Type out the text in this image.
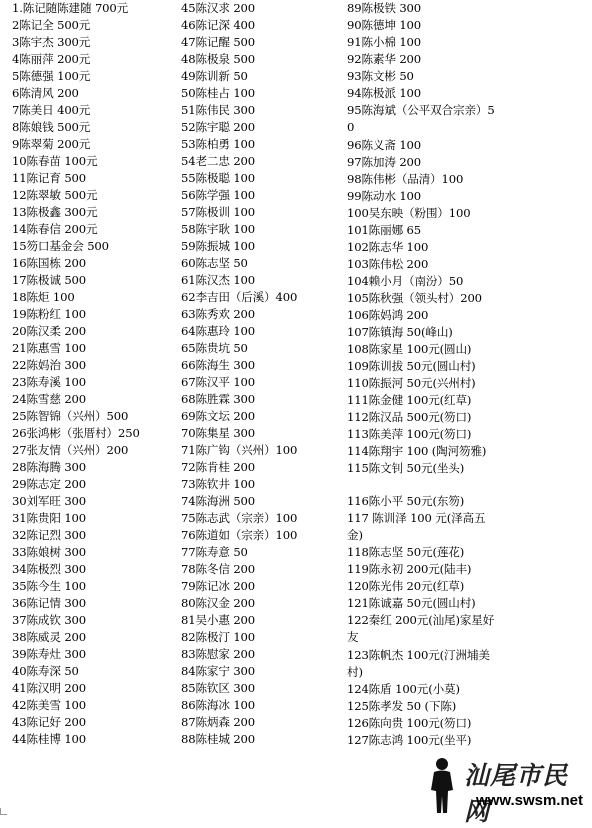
1.陈记随陈建随 700元
2陈记全 500元
3陈宇杰 300元
4陈丽萍 200元
5陈德强 100元
6陈清风 200
7陈美日 400元
8陈娘钱 500元
9陈翠菊 200元
10陈春苗 100元
11陈记育 500
12陈翠敏 500元
13陈极鑫 300元
14陈春信 200元
15笏口基金会 500
16陈国栋 200
17陈极诚 500
18陈炬 100
19陈粉红 100
20陈汉柔 200
21陈惠雪 100
22陈妈治 300
23陈寿溪 100
24陈雪慈 200
25陈智锦（兴州）500
26张鸿彬（张厝村）250
27张友情（兴州）200
28陈海腾 300
29陈志定 200
30刘军旺 300
31陈贵阳 100
32陈记烈 300
33陈娘树 300
34陈极烈 300
35陈今生 100
36陈记情 300
37陈成钦 300
38陈威灵 200
39陈寿灶 300
40陈寿深 50
41陈汉明 200
42陈美雪 100
43陈记好 200
44陈桂博 100
45陈汉求 200
46陈记深 400
47陈记醒 500
48陈极泉 500
49陈训新 50
50陈桂占 100
51陈伟民 300
52陈宇聪 200
53陈柏勇 100
54老二忠 200
55陈极聪 100
56陈学强 100
57陈极训 100
58陈宇耿 100
59陈振城 100
60陈志坚 50
61陈汉杰 100
62李吉田（后溪）400
63陈秀欢 200
64陈惠玲 100
65陈贵坑 50
66陈海生 300
67陈汉平 100
68陈胜霖 300
69陈文坛 200
70陈集星 300
71陈广钩（兴州）100
72陈肯桂 200
73陈钦井 100
74陈海洲 500
75陈志武（宗亲）100
76陈道如（宗亲）100
77陈寿意 50
78陈冬信 200
79陈记冰 200
80陈汉金 200
81吴小惠 200
82陈极汀 100
83陈慰家 200
84陈家宁 300
85陈钦区 300
86陈海冰 100
87陈炳森 200
88陈桂城 200
89陈极铁 300
90陈德坤 100
91陈小棉 100
92陈素华 200
93陈文彬 50
94陈极派 100
95陈海斌（公平双合宗亲）50
96陈义斋 100
97陈加涛 200
98陈伟彬（品清）100
99陈动水 100
100吴东映（粉围）100
101陈丽娜 65
102陈志华 100
103陈伟松 200
104赖小月（南汾）50
105陈秋强（领头村）200
106陈妈鸿 200
107陈镇海 50(峰山)
108陈家星 100元(圆山)
109陈训拔 50元(圆山村)
110陈振河 50元(兴州村)
111陈金健 100元(红草)
112陈汉品 500元(笏口)
113陈美萍 100元(笏口)
114陈翔宇 100 (陶河笏雅)
115陈文钊 50元(坐头)
116陈小平 50元(东笏)
117 陈训泽 100 元(泽高五金)
118陈志坚 50元(莲花)
119陈永初 200元(陆丰)
120陈光伟 20元(红草)
121陈诚嘉 50元(圆山村)
122秦红 200元(汕尾)家星好友
123陈帆杰 100元(汀洲埔美村)
124陈盾 100元(小莫)
125陈孝发 50 (下陈)
126陈向贵 100元(笏口)
127陈志鸿 100元(坐平)
汕尾市民网
www.swsm.net
